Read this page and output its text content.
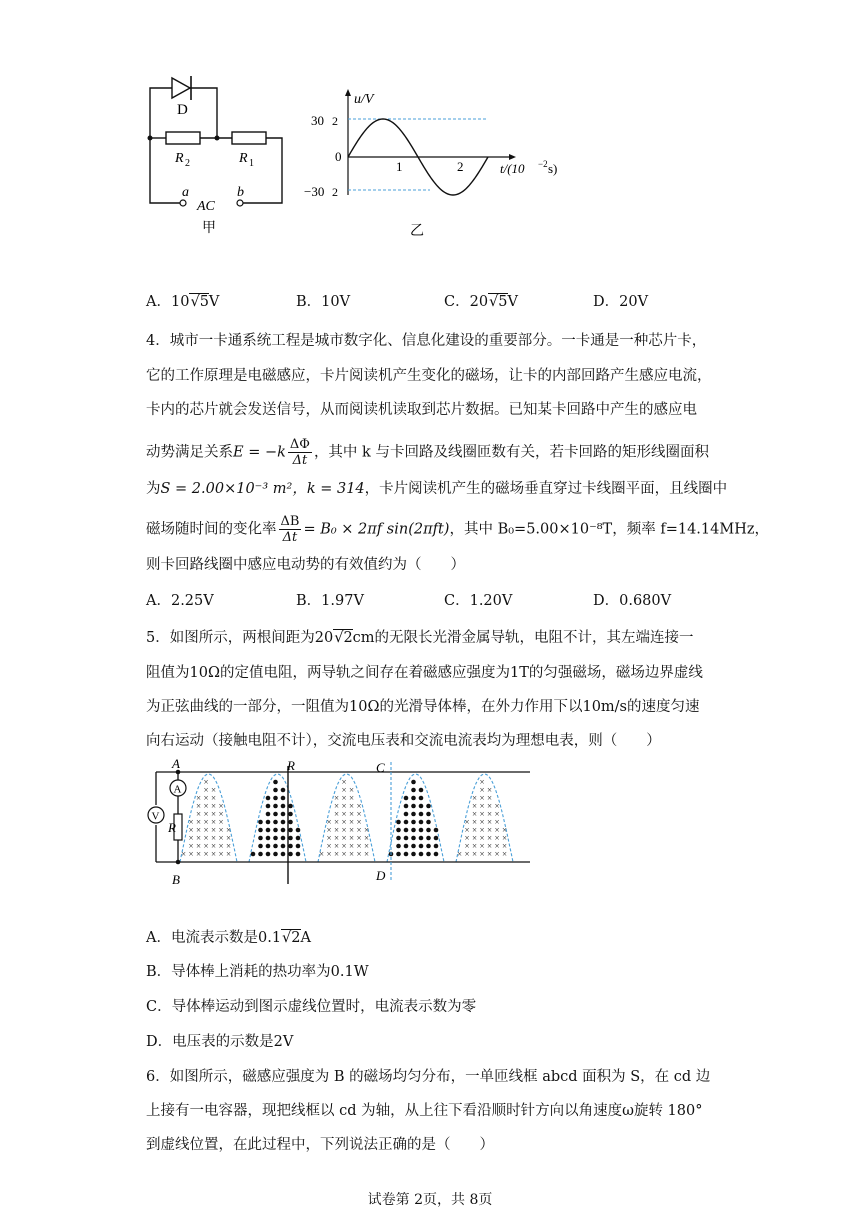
D
R 2	R 1
a	b
AC
甲
u/V
30 √ 2
−30 √ 2
0
1	2	t/(10 −2 s)
乙
A．10 √ 5V	B．10V	C．20 √ 5V	D．20V
4．城市一卡通系统工程是城市数字化、信息化建设的重要部分。一卡通是一种芯片卡，
它的工作原理是电磁感应，卡片阅读机产生变化的磁场，让卡的内部回路产生感应电流，
卡内的芯片就会发送信号，从而阅读机读取到芯片数据。已知某卡回路中产生的感应电
动势满足关系$E = -k \frac{\Delta\Phi}{\Delta t}$ ，其中 k 与卡回路及线圈匝数有关，若卡回路的矩形线圈面积
为S = 2.00×10⁻³ m²，k = 314，卡片阅读机产生的磁场垂直穿过卡线圈平面，且线圈中
磁场随时间的变化率 $\frac{\Delta B}{\Delta t} = B_0 \times 2\pi f$ sin(2πft)，其中 B₀=5.00×10⁻⁸T，频率 f=14.14MHz，
则卡回路线圈中感应电动势的有效值约为（　　）
A．2.25V	B．1.97V	C．1.20V	D．0.680V
5．如图所示，两根间距为20 √ 2cm的无限长光滑金属导轨，电阻不计，其左端连接一
阻值为10Ω的定值电阻，两导轨之间存在着磁感应强度为1T的匀强磁场，磁场边界虚线
为正弦曲线的一部分，一阻值为10Ω的光滑导体棒，在外力作用下以10m/s的速度匀速
向右运动（接触电阻不计），交流电压表和交流电流表均为理想电表，则（　　）
×
× ×
× × ×
× × × ×
× × × ×
× × × × ×
× × × × × ×
× × × × × ×
× × × × × ×
× × × × × × ×
×
× ×
× × ×
× × × ×
× × × ×
× × × × ×
× × × × × ×
× × × × × ×
× × × × × ×
× × × × × × ×
×
× ×
× × ×
× × × ×
× × × ×
× × × × ×
× × × × × ×
× × × × × ×
× × × × × ×
× × × × × × ×
A
V
A
B
R
R	C
D
A．电流表示数是0.1 √ 2A
B．导体棒上消耗的热功率为0.1W
C．导体棒运动到图示虚线位置时，电流表示数为零
D．电压表的示数是2V
6．如图所示，磁感应强度为 B 的磁场均匀分布，一单匝线框 abcd 面积为 S，在 cd 边
上接有一电容器，现把线框以 cd 为轴，从上往下看沿顺时针方向以角速度ω旋转 180°
到虚线位置，在此过程中，下列说法正确的是（　　）
试卷第 2页，共 8页
